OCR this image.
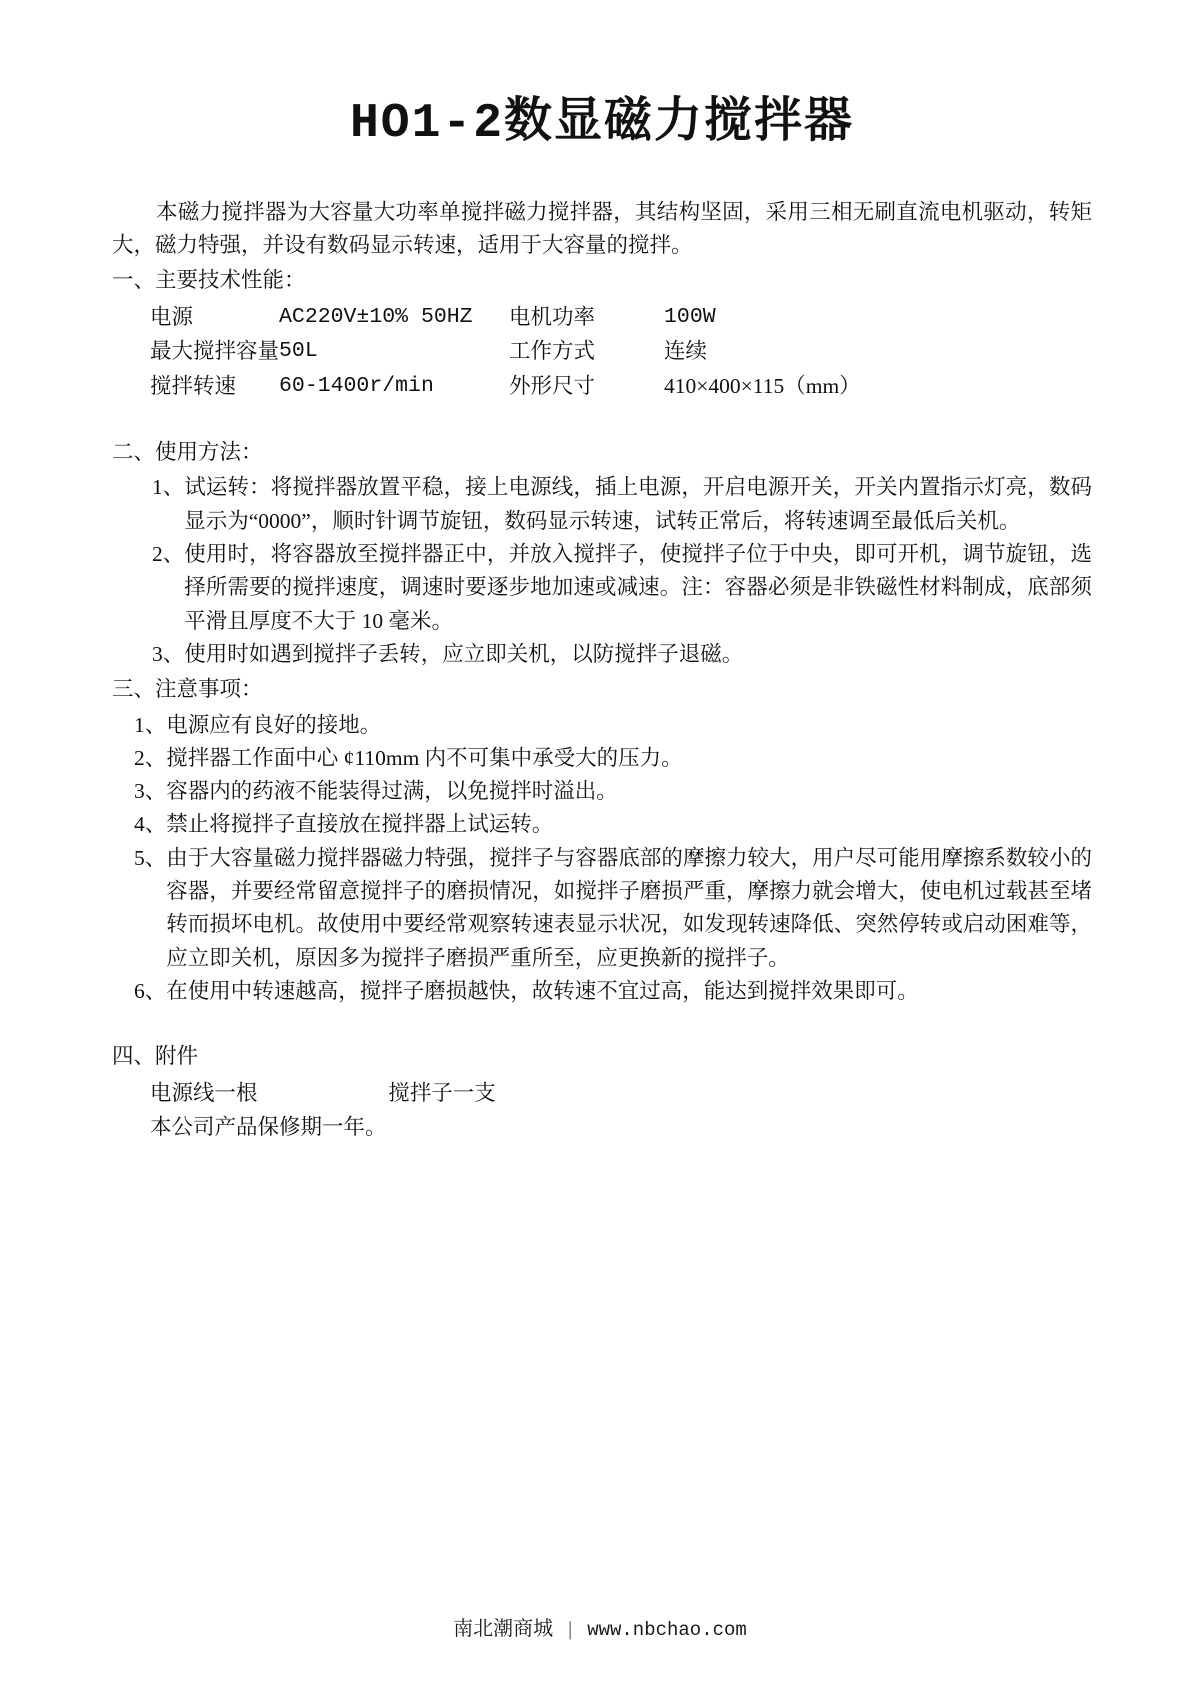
HO1-2数显磁力搅拌器

本磁力搅拌器为大容量大功率单搅拌磁力搅拌器，其结构坚固，采用三相无刷直流电机驱动，转矩大，磁力特强，并设有数码显示转速，适用于大容量的搅拌。

一、主要技术性能：
电源	AC220V±10% 50HZ	电机功率	100W
最大搅拌容量	50L	工作方式	连续
搅拌转速	60-1400r/min	外形尺寸	410×400×115（mm）
二、使用方法：
1、 试运转：将搅拌器放置平稳，接上电源线，插上电源，开启电源开关，开关内置指示灯亮，数码显示为“0000”，顺时针调节旋钮，数码显示转速，试转正常后，将转速调至最低后关机。
2、 使用时，将容器放至搅拌器正中，并放入搅拌子，使搅拌子位于中央，即可开机，调节旋钮，选择所需要的搅拌速度，调速时要逐步地加速或减速。注：容器必须是非铁磁性材料制成，底部须平滑且厚度不大于 10 毫米。
3、 使用时如遇到搅拌子丢转，应立即关机，以防搅拌子退磁。
三、注意事项：
1、 电源应有良好的接地。
2、 搅拌器工作面中心 ¢110mm 内不可集中承受大的压力。
3、 容器内的药液不能装得过满，以免搅拌时溢出。
4、 禁止将搅拌子直接放在搅拌器上试运转。
5、 由于大容量磁力搅拌器磁力特强，搅拌子与容器底部的摩擦力较大，用户尽可能用摩擦系数较小的容器，并要经常留意搅拌子的磨损情况，如搅拌子磨损严重，摩擦力就会增大，使电机过载甚至堵转而损坏电机。故使用中要经常观察转速表显示状况，如发现转速降低、突然停转或启动困难等，应立即关机，原因多为搅拌子磨损严重所至，应更换新的搅拌子。
6、 在使用中转速越高，搅拌子磨损越快，故转速不宜过高，能达到搅拌效果即可。
四、附件
电源线一根	搅拌子一支
本公司产品保修期一年。
南北潮商城 | www.nbchao.com
